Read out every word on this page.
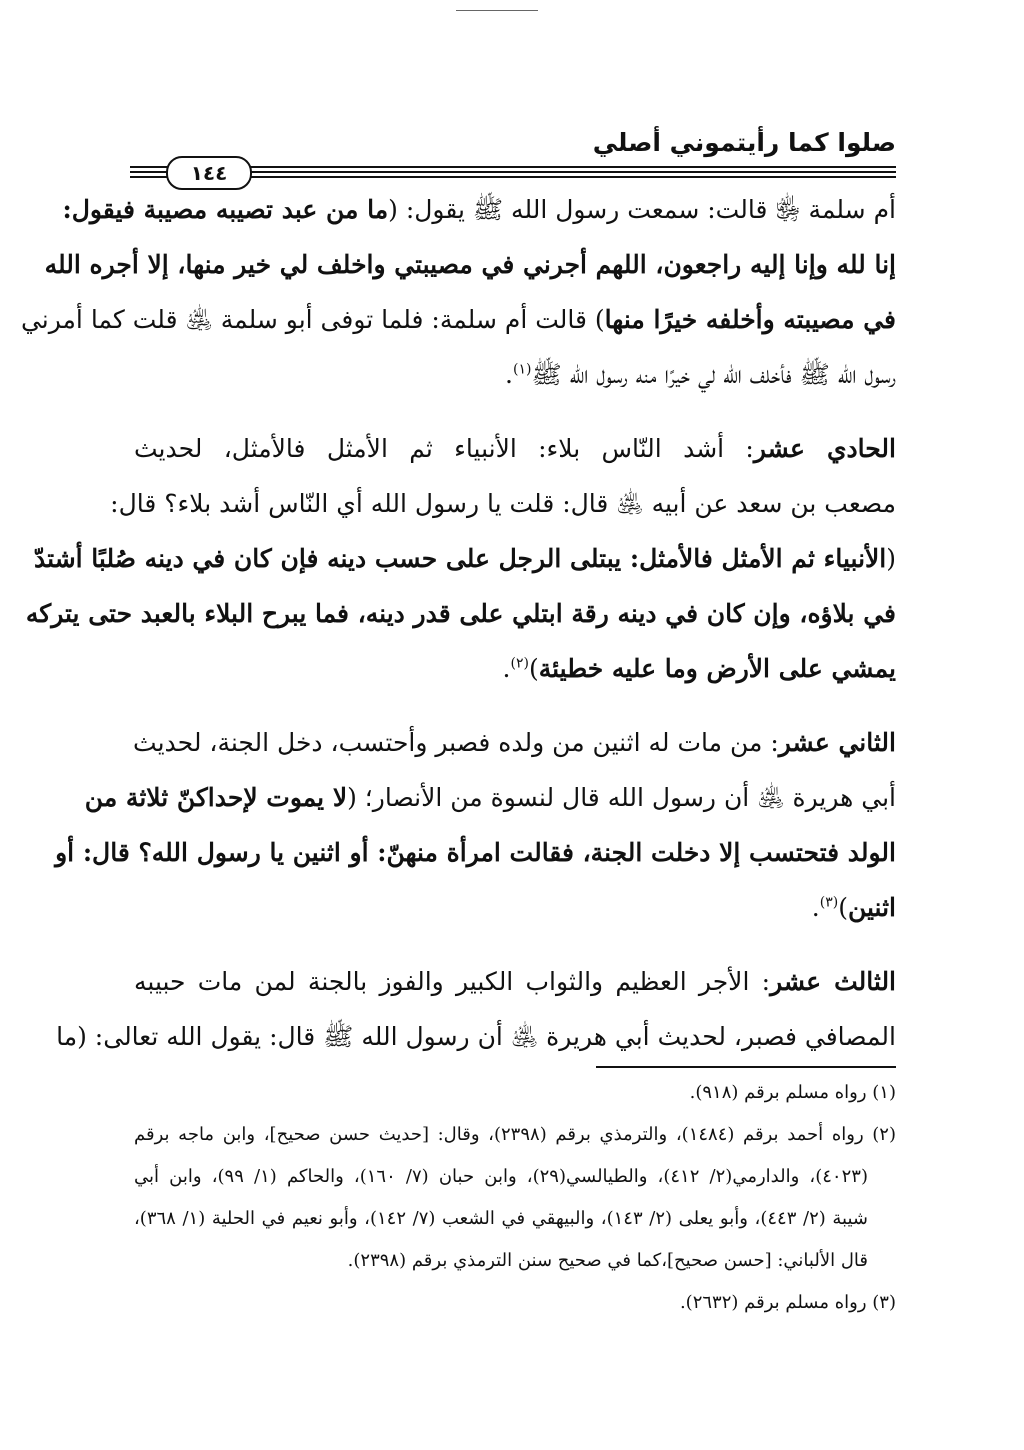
صلوا كما رأيتموني أصلي
١٤٤
أم سلمة ﵂ قالت: سمعت رسول الله ﷺ يقول: (ما من عبد تصيبه مصيبة فيقول:
إنا لله وإنا إليه راجعون، اللهم أجرني في مصيبتي واخلف لي خير منها، إلا أجره الله
في مصيبته وأخلفه خيرًا منها) قالت أم سلمة: فلما توفى أبو سلمة ﵁ قلت كما أمرني
رسول الله ﷺ فأخلف الله لي خيرًا منه رسول الله ﷺ$^{(١)}$.
الحادي عشر: أشد النّاس بلاء: الأنبياء ثم الأمثل فالأمثل، لحديث
مصعب بن سعد عن أبيه ﵁ قال: قلت يا رسول الله أي النّاس أشد بلاء؟ قال:
(الأنبياء ثم الأمثل فالأمثل: يبتلى الرجل على حسب دينه فإن كان في دينه صُلبًا أشتدّ
في بلاؤه، وإن كان في دينه رقة ابتلي على قدر دينه، فما يبرح البلاء بالعبد حتى يتركه
يمشي على الأرض وما عليه خطيئة)$^{(٢)}$.
الثاني عشر: من مات له اثنين من ولده فصبر وأحتسب، دخل الجنة، لحديث
أبي هريرة ﵁ أن رسول الله قال لنسوة من الأنصار؛ (لا يموت لإحداكنّ ثلاثة من
الولد فتحتسب إلا دخلت الجنة، فقالت امرأة منهنّ: أو اثنين يا رسول الله؟ قال: أو
اثنين)$^{(٣)}$.
الثالث عشر: الأجر العظيم والثواب الكبير والفوز بالجنة لمن مات حبيبه
المصافي فصبر، لحديث أبي هريرة ﵁ أن رسول الله ﷺ قال: يقول الله تعالى: (ما
(١) رواه مسلم برقم (٩١٨).
(٢) رواه أحمد برقم (١٤٨٤)، والترمذي برقم (٢٣٩٨)، وقال: [حديث حسن صحيح]، وابن ماجه برقم
(٤٠٢٣)، والدارمي(٢/ ٤١٢)، والطيالسي(٢٩)، وابن حبان (٧/ ١٦٠)، والحاكم (١/ ٩٩)، وابن أبي
شيبة (٢/ ٤٤٣)، وأبو يعلى (٢/ ١٤٣)، والبيهقي في الشعب (٧/ ١٤٢)، وأبو نعيم في الحلية (١/ ٣٦٨)،
قال الألباني: [حسن صحيح]،كما في صحيح سنن الترمذي برقم (٢٣٩٨).
(٣) رواه مسلم برقم (٢٦٣٢).
